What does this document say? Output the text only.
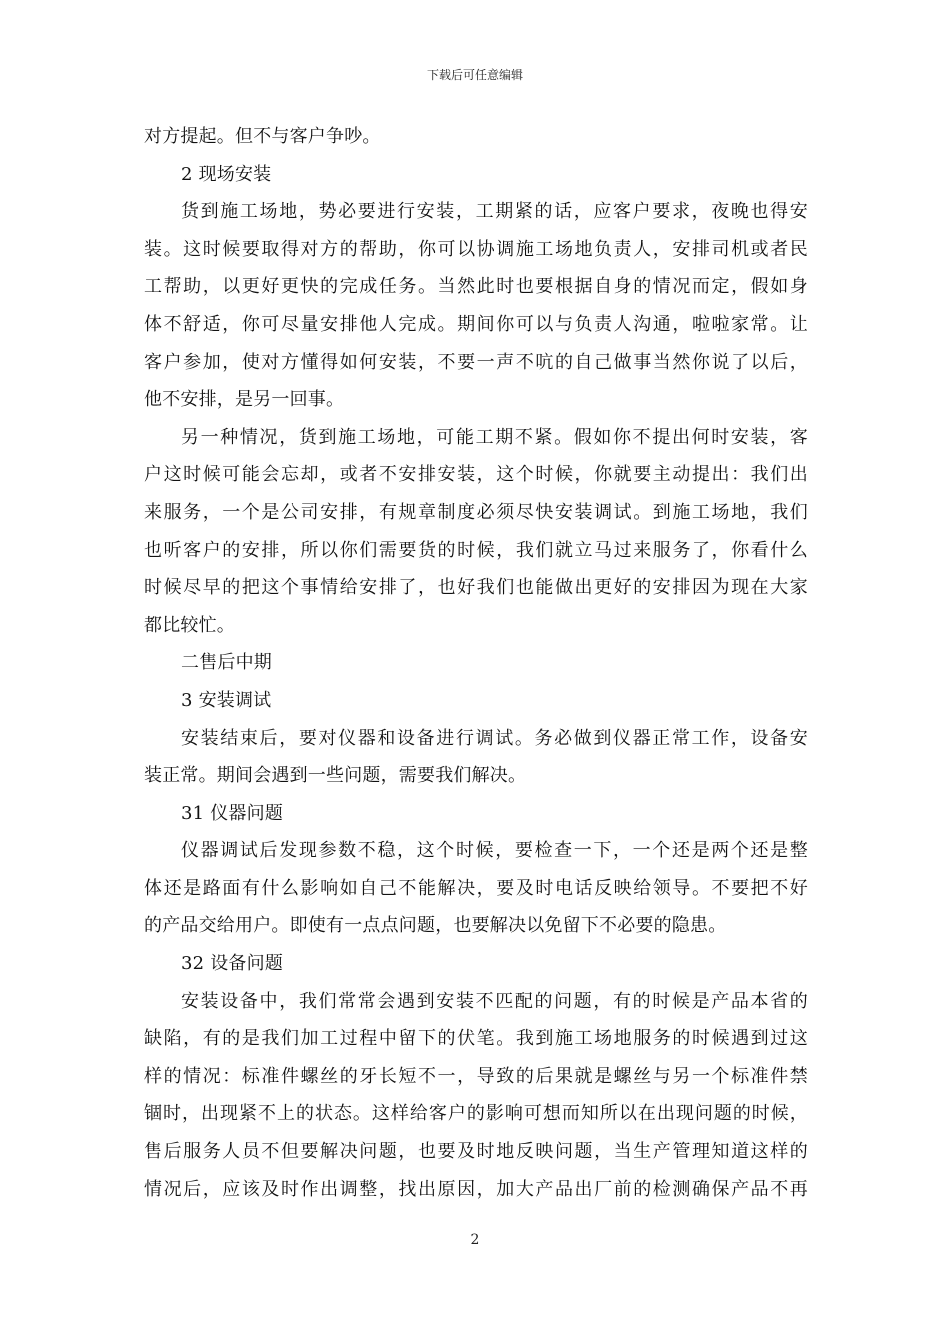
下载后可任意编辑
对方提起。但不与客户争吵。
2 现场安装
货到施工场地，势必要进行安装，工期紧的话，应客户要求，夜晚也得安
装。这时候要取得对方的帮助，你可以协调施工场地负责人，安排司机或者民
工帮助，以更好更快的完成任务。当然此时也要根据自身的情况而定，假如身
体不舒适，你可尽量安排他人完成。期间你可以与负责人沟通，啦啦家常。让
客户参加，使对方懂得如何安装，不要一声不吭的自己做事当然你说了以后，
他不安排，是另一回事。
另一种情况，货到施工场地，可能工期不紧。假如你不提出何时安装，客
户这时候可能会忘却，或者不安排安装，这个时候，你就要主动提出：我们出
来服务，一个是公司安排，有规章制度必须尽快安装调试。到施工场地，我们
也听客户的安排，所以你们需要货的时候，我们就立马过来服务了，你看什么
时候尽早的把这个事情给安排了，也好我们也能做出更好的安排因为现在大家
都比较忙。
二售后中期
3 安装调试
安装结束后，要对仪器和设备进行调试。务必做到仪器正常工作，设备安
装正常。期间会遇到一些问题，需要我们解决。
31 仪器问题
仪器调试后发现参数不稳，这个时候，要检查一下，一个还是两个还是整
体还是路面有什么影响如自己不能解决，要及时电话反映给领导。不要把不好
的产品交给用户。即使有一点点问题，也要解决以免留下不必要的隐患。
32 设备问题
安装设备中，我们常常会遇到安装不匹配的问题，有的时候是产品本省的
缺陷，有的是我们加工过程中留下的伏笔。我到施工场地服务的时候遇到过这
样的情况：标准件螺丝的牙长短不一，导致的后果就是螺丝与另一个标准件禁
锢时，出现紧不上的状态。这样给客户的影响可想而知所以在出现问题的时候，
售后服务人员不但要解决问题，也要及时地反映问题，当生产管理知道这样的
情况后，应该及时作出调整，找出原因，加大产品出厂前的检测确保产品不再
2
